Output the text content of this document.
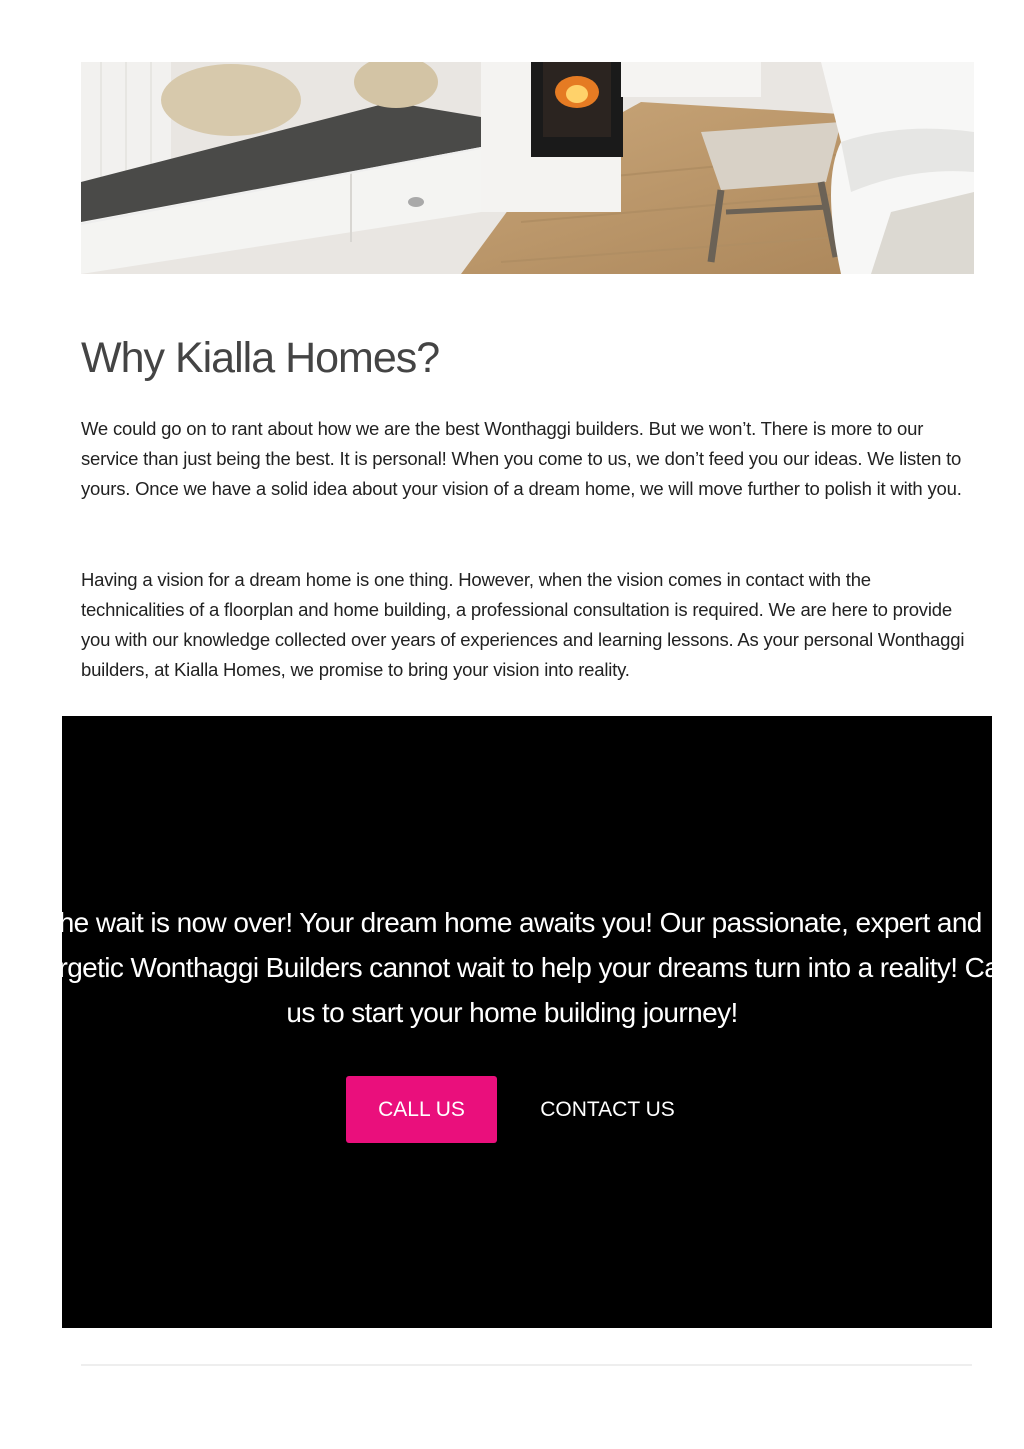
Why Kialla Homes?

We could go on to rant about how we are the best Wonthaggi builders. But we won’t. There is more to our service than just being the best. It is personal! When you come to us, we don’t feed you our ideas. We listen to yours. Once we have a solid idea about your vision of a dream home, we will move further to polish it with you.

Having a vision for a dream home is one thing. However, when the vision comes in contact with the technicalities of a floorplan and home building, a professional consultation is required. We are here to provide you with our knowledge collected over years of experiences and learning lessons. As your personal Wonthaggi builders, at Kialla Homes, we promise to bring your vision into reality.

The wait is now over! Your dream home awaits you! Our passionate, expert and energetic Wonthaggi Builders cannot wait to help your dreams turn into a reality! Call us to start your home building journey!

CALL US	CONTACT US
